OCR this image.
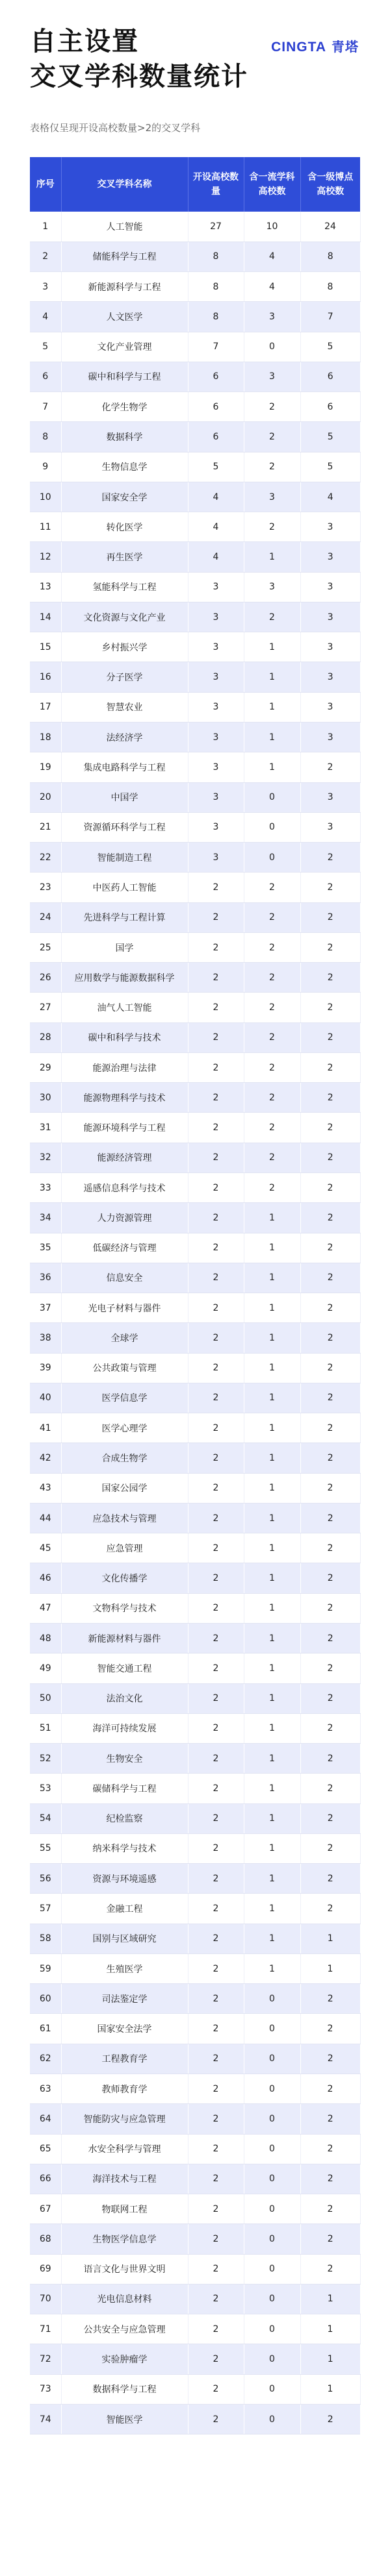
自主设置
交叉学科数量统计
CINGTA 青塔
表格仅呈现开设高校数量>2的交叉学科
序号	交叉学科名称	开设高校数量	含一流学科高校数	含一级博点高校数
1	人工智能	27	10	24
2	储能科学与工程	8	4	8
3	新能源科学与工程	8	4	8
4	人文医学	8	3	7
5	文化产业管理	7	0	5
6	碳中和科学与工程	6	3	6
7	化学生物学	6	2	6
8	数据科学	6	2	5
9	生物信息学	5	2	5
10	国家安全学	4	3	4
11	转化医学	4	2	3
12	再生医学	4	1	3
13	氢能科学与工程	3	3	3
14	文化资源与文化产业	3	2	3
15	乡村振兴学	3	1	3
16	分子医学	3	1	3
17	智慧农业	3	1	3
18	法经济学	3	1	3
19	集成电路科学与工程	3	1	2
20	中国学	3	0	3
21	资源循环科学与工程	3	0	3
22	智能制造工程	3	0	2
23	中医药人工智能	2	2	2
24	先进科学与工程计算	2	2	2
25	国学	2	2	2
26	应用数学与能源数据科学	2	2	2
27	油气人工智能	2	2	2
28	碳中和科学与技术	2	2	2
29	能源治理与法律	2	2	2
30	能源物理科学与技术	2	2	2
31	能源环境科学与工程	2	2	2
32	能源经济管理	2	2	2
33	遥感信息科学与技术	2	2	2
34	人力资源管理	2	1	2
35	低碳经济与管理	2	1	2
36	信息安全	2	1	2
37	光电子材料与器件	2	1	2
38	全球学	2	1	2
39	公共政策与管理	2	1	2
40	医学信息学	2	1	2
41	医学心理学	2	1	2
42	合成生物学	2	1	2
43	国家公园学	2	1	2
44	应急技术与管理	2	1	2
45	应急管理	2	1	2
46	文化传播学	2	1	2
47	文物科学与技术	2	1	2
48	新能源材料与器件	2	1	2
49	智能交通工程	2	1	2
50	法治文化	2	1	2
51	海洋可持续发展	2	1	2
52	生物安全	2	1	2
53	碳储科学与工程	2	1	2
54	纪检监察	2	1	2
55	纳米科学与技术	2	1	2
56	资源与环境遥感	2	1	2
57	金融工程	2	1	2
58	国别与区域研究	2	1	1
59	生殖医学	2	1	1
60	司法鉴定学	2	0	2
61	国家安全法学	2	0	2
62	工程教育学	2	0	2
63	教师教育学	2	0	2
64	智能防灾与应急管理	2	0	2
65	水安全科学与管理	2	0	2
66	海洋技术与工程	2	0	2
67	物联网工程	2	0	2
68	生物医学信息学	2	0	2
69	语言文化与世界文明	2	0	2
70	光电信息材料	2	0	1
71	公共安全与应急管理	2	0	1
72	实验肿瘤学	2	0	1
73	数据科学与工程	2	0	1
74	智能医学	2	0	2
